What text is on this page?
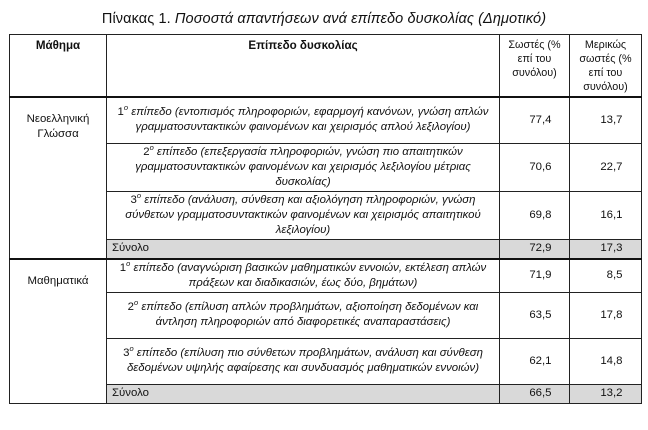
Πίνακας 1. Ποσοστά απαντήσεων ανά επίπεδο δυσκολίας (Δημοτικό)
Μάθημα	Επίπεδο δυσκολίας	Σωστές (% επί του συνόλου)	Μερικώς σωστές (% επί του συνόλου)
Νεοελληνική Γλώσσα	$1^o$ επίπεδο (εντοπισμός πληροφοριών, εφαρμογή κανόνων, γνώση απλών γραμματοσυντακτικών φαινομένων και χειρισμός απλού λεξιλογίου)	77,4	13,7
	$2^o$ επίπεδο (επεξεργασία πληροφοριών, γνώση πιο απαιτητικών γραμματοσυντακτικών φαινομένων και χειρισμός λεξιλογίου μέτριας δυσκολίας)	70,6	22,7
	$3^o$ επίπεδο (ανάλυση, σύνθεση και αξιολόγηση πληροφοριών, γνώση σύνθετων γραμματοσυντακτικών φαινομένων και χειρισμός απαιτητικού λεξιλογίου)	69,8	16,1
	Σύνολο	72,9	17,3
Μαθηματικά	$1^o$ επίπεδο (αναγνώριση βασικών μαθηματικών εννοιών, εκτέλεση απλών πράξεων και διαδικασιών, έως δύο, βημάτων)	71,9	8,5
	$2^o$ επίπεδο (επίλυση απλών προβλημάτων, αξιοποίηση δεδομένων και άντληση πληροφοριών από διαφορετικές αναπαραστάσεις)	63,5	17,8
	$3^o$ επίπεδο (επίλυση πιο σύνθετων προβλημάτων, ανάλυση και σύνθεση δεδομένων υψηλής αφαίρεσης και συνδυασμός μαθηματικών εννοιών)	62,1	14,8
	Σύνολο	66,5	13,2
